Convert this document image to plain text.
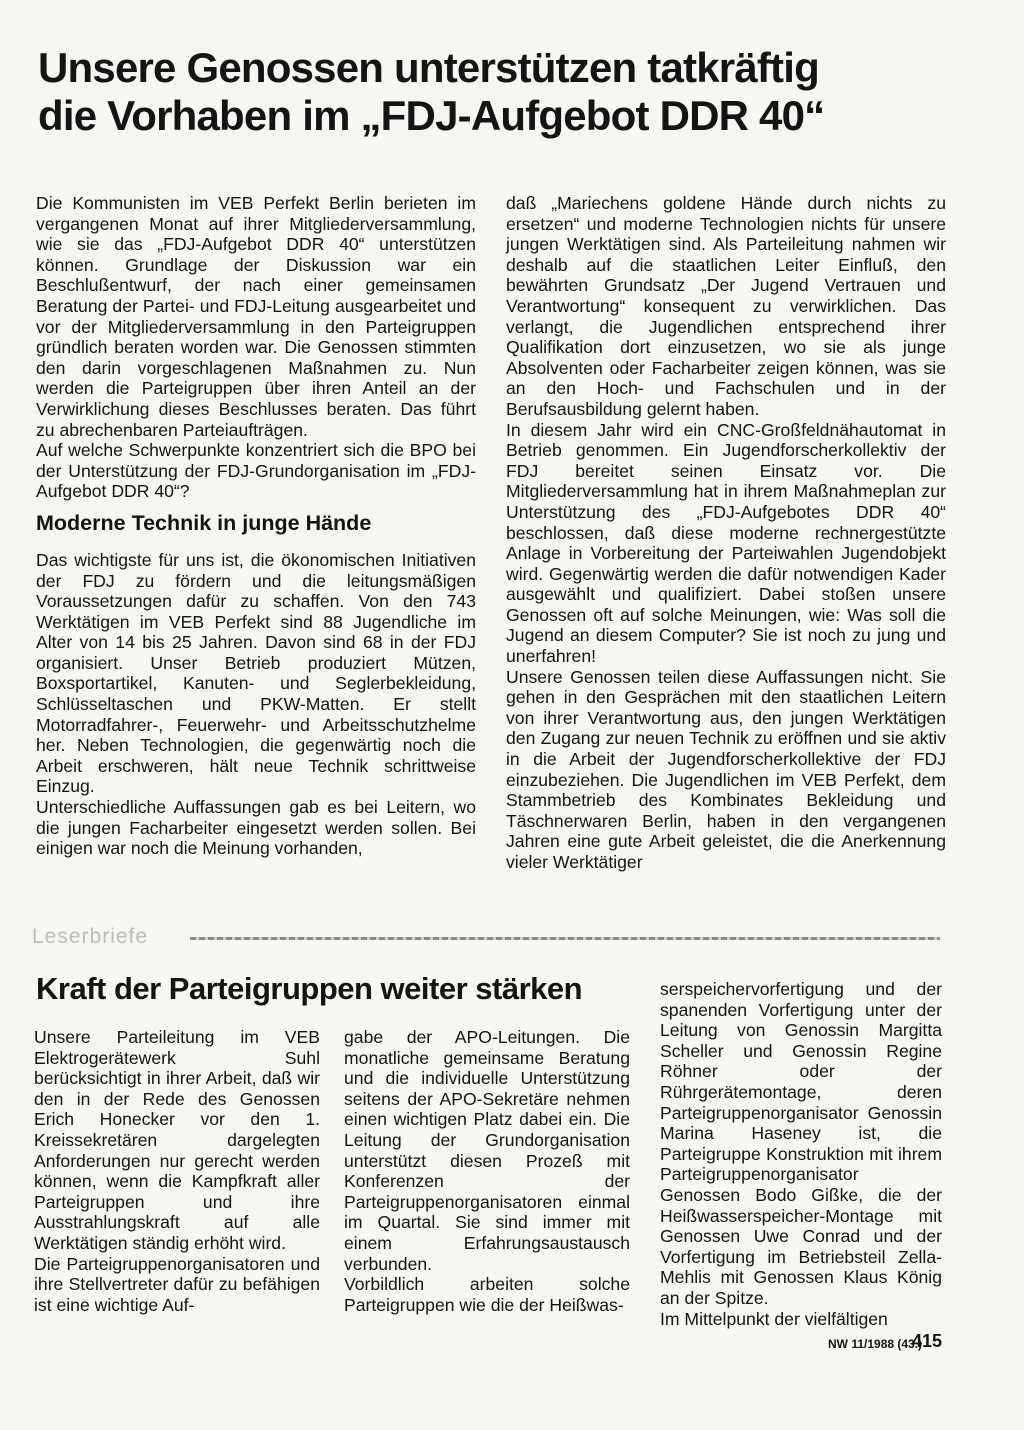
Unsere Genossen unterstützen tatkräftig
die Vorhaben im „FDJ-Aufgebot DDR 40“

Die Kommunisten im VEB Perfekt Berlin berieten im vergangenen Monat auf ihrer Mitgliederversammlung, wie sie das „FDJ-Aufgebot DDR 40“ unterstützen können. Grundlage der Diskussion war ein Beschlußentwurf, der nach einer gemeinsamen Beratung der Partei- und FDJ-Leitung ausgearbeitet und vor der Mitgliederversammlung in den Parteigruppen gründlich beraten worden war. Die Genossen stimmten den darin vorgeschlagenen Maßnahmen zu. Nun werden die Parteigruppen über ihren Anteil an der Verwirklichung dieses Beschlusses beraten. Das führt zu abrechenbaren Parteiaufträgen.

Auf welche Schwerpunkte konzentriert sich die BPO bei der Unterstützung der FDJ-Grundorganisation im „FDJ-Aufgebot DDR 40“?

Moderne Technik in junge Hände

Das wichtigste für uns ist, die ökonomischen Initiativen der FDJ zu fördern und die leitungsmäßigen Voraussetzungen dafür zu schaffen. Von den 743 Werktätigen im VEB Perfekt sind 88 Jugendliche im Alter von 14 bis 25 Jahren. Davon sind 68 in der FDJ organisiert. Unser Betrieb produziert Mützen, Boxsportartikel, Kanuten- und Seglerbekleidung, Schlüsseltaschen und PKW-Matten. Er stellt Motorradfahrer-, Feuerwehr- und Arbeitsschutzhelme her. Neben Technologien, die gegenwärtig noch die Arbeit erschweren, hält neue Technik schrittweise Einzug.

Unterschiedliche Auffassungen gab es bei Leitern, wo die jungen Facharbeiter eingesetzt werden sollen. Bei einigen war noch die Meinung vorhanden,

daß „Mariechens goldene Hände durch nichts zu ersetzen“ und moderne Technologien nichts für unsere jungen Werktätigen sind. Als Parteileitung nahmen wir deshalb auf die staatlichen Leiter Einfluß, den bewährten Grundsatz „Der Jugend Vertrauen und Verantwortung“ konsequent zu verwirklichen. Das verlangt, die Jugendlichen entsprechend ihrer Qualifikation dort einzusetzen, wo sie als junge Absolventen oder Facharbeiter zeigen können, was sie an den Hoch- und Fachschulen und in der Berufsausbildung gelernt haben.

In diesem Jahr wird ein CNC-Großfeldnähautomat in Betrieb genommen. Ein Jugendforscherkollektiv der FDJ bereitet seinen Einsatz vor. Die Mitgliederversammlung hat in ihrem Maßnahmeplan zur Unterstützung des „FDJ-Aufgebotes DDR 40“ beschlossen, daß diese moderne rechnergestützte Anlage in Vorbereitung der Parteiwahlen Jugendobjekt wird. Gegenwärtig werden die dafür notwendigen Kader ausgewählt und qualifiziert. Dabei stoßen unsere Genossen oft auf solche Meinungen, wie: Was soll die Jugend an diesem Computer? Sie ist noch zu jung und unerfahren!

Unsere Genossen teilen diese Auffassungen nicht. Sie gehen in den Gesprächen mit den staatlichen Leitern von ihrer Verantwortung aus, den jungen Werktätigen den Zugang zur neuen Technik zu eröffnen und sie aktiv in die Arbeit der Jugendforscherkollektive der FDJ einzubeziehen. Die Jugendlichen im VEB Perfekt, dem Stammbetrieb des Kombinates Bekleidung und Täschnerwaren Berlin, haben in den vergangenen Jahren eine gute Arbeit geleistet, die die Anerkennung vieler Werktätiger

Leserbriefe
Kraft der Parteigruppen weiter stärken

Unsere Parteileitung im VEB Elektrogerätewerk Suhl berücksichtigt in ihrer Arbeit, daß wir den in der Rede des Genossen Erich Honecker vor den 1. Kreissekretären dargelegten Anforderungen nur gerecht werden können, wenn die Kampfkraft aller Parteigruppen und ihre Ausstrahlungskraft auf alle Werktätigen ständig erhöht wird.

Die Parteigruppenorganisatoren und ihre Stellvertreter dafür zu befähigen ist eine wichtige Auf-

gabe der APO-Leitungen. Die monatliche gemeinsame Beratung und die individuelle Unterstützung seitens der APO-Sekretäre nehmen einen wichtigen Platz dabei ein. Die Leitung der Grundorganisation unterstützt diesen Prozeß mit Konferenzen der Parteigruppenorganisatoren einmal im Quartal. Sie sind immer mit einem Erfahrungsaustausch verbunden.

Vorbildlich arbeiten solche Parteigruppen wie die der Heißwas-

serspeichervorfertigung und der spanenden Vorfertigung unter der Leitung von Genossin Margitta Scheller und Genossin Regine Röhner oder der Rührgerätemontage, deren Parteigruppenorganisator Genossin Marina Haseney ist, die Parteigruppe Konstruktion mit ihrem Parteigruppenorganisator Genossen Bodo Gißke, die der Heißwasserspeicher-Montage mit Genossen Uwe Conrad und der Vorfertigung im Betriebsteil Zella-Mehlis mit Genossen Klaus König an der Spitze.

Im Mittelpunkt der vielfältigen

NW 11/1988 (43.)
415
